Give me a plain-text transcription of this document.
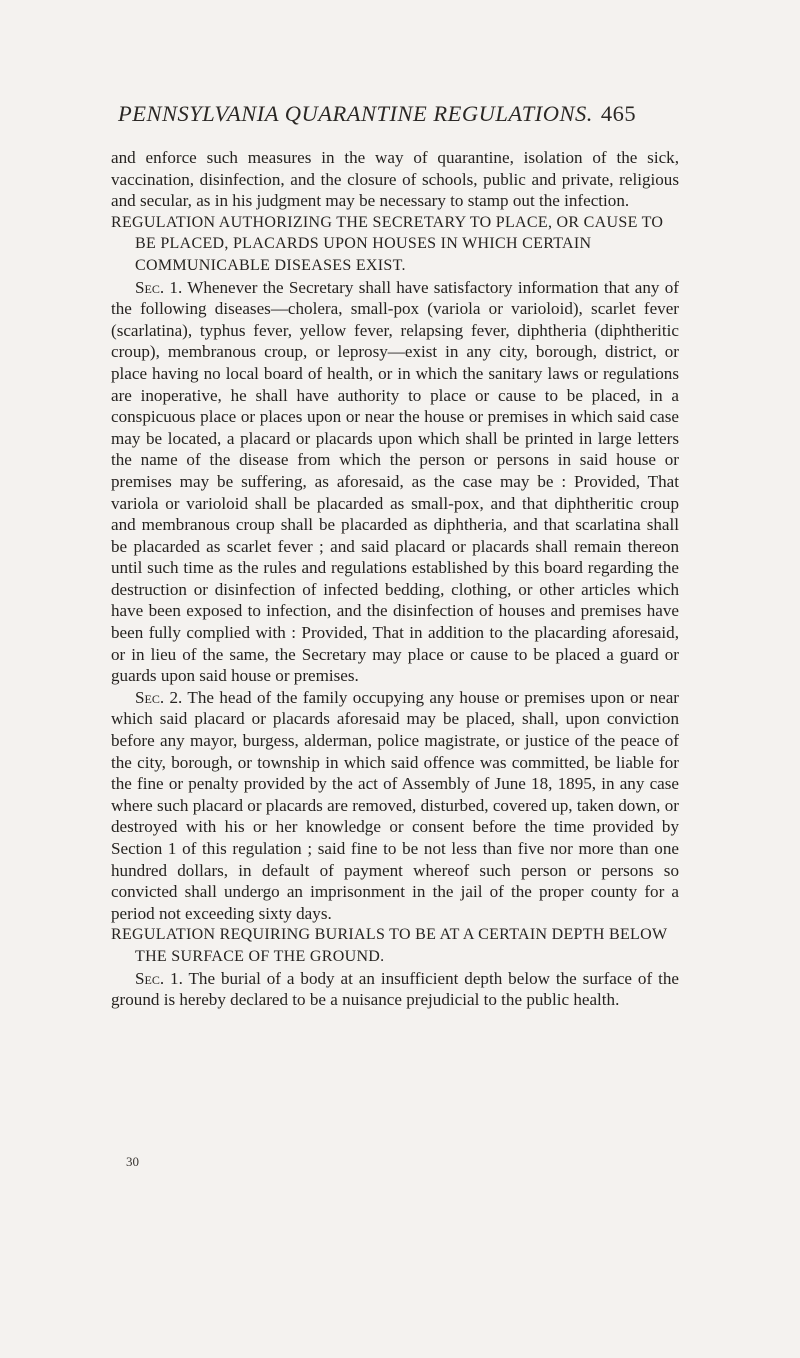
PENNSYLVANIA QUARANTINE REGULATIONS. 465

and enforce such measures in the way of quarantine, isolation of the sick, vaccination, disinfection, and the closure of schools, public and private, religious and secular, as in his judgment may be necessary to stamp out the infection.

REGULATION AUTHORIZING THE SECRETARY TO PLACE, OR CAUSE TO BE PLACED, PLACARDS UPON HOUSES IN WHICH CERTAIN COMMUNICABLE DISEASES EXIST.

Sec. 1. Whenever the Secretary shall have satisfactory information that any of the following diseases—cholera, small-pox (variola or varioloid), scarlet fever (scarlatina), typhus fever, yellow fever, relapsing fever, diphtheria (diphtheritic croup), membranous croup, or leprosy—exist in any city, borough, district, or place having no local board of health, or in which the sanitary laws or regulations are inoperative, he shall have authority to place or cause to be placed, in a conspicuous place or places upon or near the house or premises in which said case may be located, a placard or placards upon which shall be printed in large letters the name of the disease from which the person or persons in said house or premises may be suffering, as aforesaid, as the case may be : Provided, That variola or varioloid shall be placarded as small-pox, and that diphtheritic croup and membranous croup shall be placarded as diphtheria, and that scarlatina shall be placarded as scarlet fever ; and said placard or placards shall remain thereon until such time as the rules and regulations established by this board regarding the destruction or disinfection of infected bedding, clothing, or other articles which have been exposed to infection, and the disinfection of houses and premises have been fully complied with : Provided, That in addition to the placarding aforesaid, or in lieu of the same, the Secretary may place or cause to be placed a guard or guards upon said house or premises.

Sec. 2. The head of the family occupying any house or premises upon or near which said placard or placards aforesaid may be placed, shall, upon conviction before any mayor, burgess, alderman, police magistrate, or justice of the peace of the city, borough, or township in which said offence was committed, be liable for the fine or penalty provided by the act of Assembly of June 18, 1895, in any case where such placard or placards are removed, disturbed, covered up, taken down, or destroyed with his or her knowledge or consent before the time provided by Section 1 of this regulation ; said fine to be not less than five nor more than one hundred dollars, in default of payment whereof such person or persons so convicted shall undergo an imprisonment in the jail of the proper county for a period not exceeding sixty days.

REGULATION REQUIRING BURIALS TO BE AT A CERTAIN DEPTH BELOW THE SURFACE OF THE GROUND.

Sec. 1. The burial of a body at an insufficient depth below the surface of the ground is hereby declared to be a nuisance prejudicial to the public health.

30
